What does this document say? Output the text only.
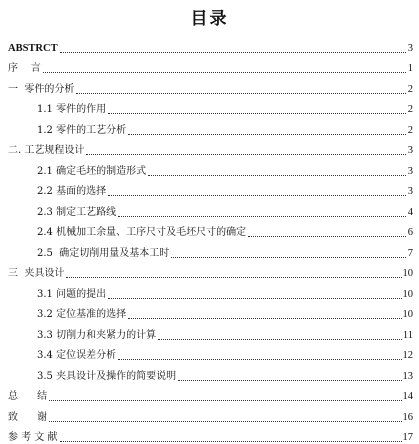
目录
ABSTRCT	3
序    言	1
一  零件的分析	2
1.1 零件的作用	2
1.2 零件的工艺分析	2
二. 工艺规程设计	3
2.1 确定毛坯的制造形式	3
2.2 基面的选择	3
2.3 制定工艺路线	4
2.4 机械加工余量、工序尺寸及毛坯尺寸的确定	6
2.5  确定切削用量及基本工时	7
三  夹具设计	10
3.1 问题的提出	10
3.2 定位基准的选择	10
3.3 切削力和夹紧力的计算	11
3.4 定位误差分析	12
3.5 夹具设计及操作的简要说明	13
总      结	14
致      谢	16
参 考 文 献	17
